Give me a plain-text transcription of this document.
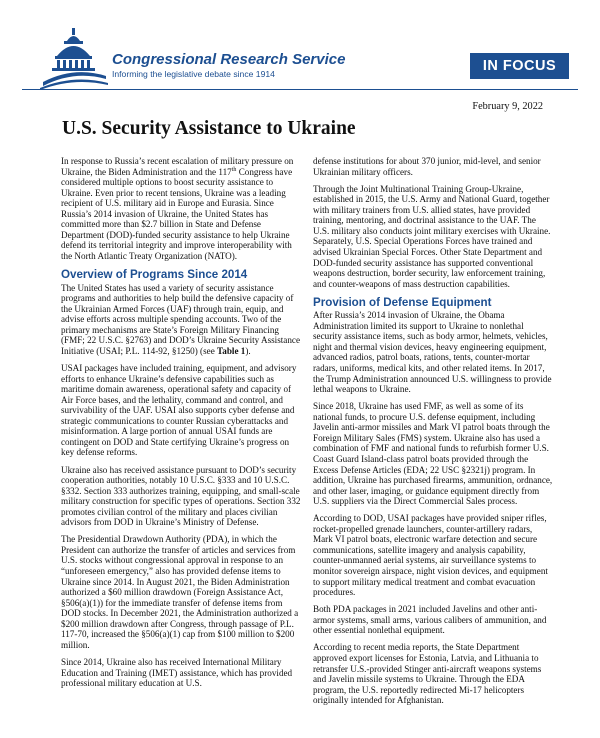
Congressional Research Service
Informing the legislative debate since 1914	IN FOCUS
February 9, 2022
U.S. Security Assistance to Ukraine

In response to Russia’s recent escalation of military pressure on Ukraine, the Biden Administration and the 117th Congress have considered multiple options to boost security assistance to Ukraine. Even prior to recent tensions, Ukraine was a leading recipient of U.S. military aid in Europe and Eurasia. Since Russia’s 2014 invasion of Ukraine, the United States has committed more than $2.7 billion in State and Defense Department (DOD)-funded security assistance to help Ukraine defend its territorial integrity and improve interoperability with the North Atlantic Treaty Organization (NATO).

Overview of Programs Since 2014

The United States has used a variety of security assistance programs and authorities to help build the defensive capacity of the Ukrainian Armed Forces (UAF) through train, equip, and advise efforts across multiple spending accounts. Two of the primary mechanisms are State’s Foreign Military Financing (FMF; 22 U.S.C. §2763) and DOD’s Ukraine Security Assistance Initiative (USAI; P.L. 114-92, §1250) (see Table 1).

USAI packages have included training, equipment, and advisory efforts to enhance Ukraine’s defensive capabilities such as maritime domain awareness, operational safety and capacity of Air Force bases, and the lethality, command and control, and survivability of the UAF. USAI also supports cyber defense and strategic communications to counter Russian cyberattacks and misinformation. A large portion of annual USAI funds are contingent on DOD and State certifying Ukraine’s progress on key defense reforms.

Ukraine also has received assistance pursuant to DOD’s security cooperation authorities, notably 10 U.S.C. §333 and 10 U.S.C. §332. Section 333 authorizes training, equipping, and small-scale military construction for specific types of operations. Section 332 promotes civilian control of the military and places civilian advisors from DOD in Ukraine’s Ministry of Defense.

The Presidential Drawdown Authority (PDA), in which the President can authorize the transfer of articles and services from U.S. stocks without congressional approval in response to an “unforeseen emergency,” also has provided defense items to Ukraine since 2014. In August 2021, the Biden Administration authorized a $60 million drawdown (Foreign Assistance Act, §506(a)(1)) for the immediate transfer of defense items from DOD stocks. In December 2021, the Administration authorized a $200 million drawdown after Congress, through passage of P.L. 117-70, increased the §506(a)(1) cap from $100 million to $200 million.

Since 2014, Ukraine also has received International Military Education and Training (IMET) assistance, which has provided professional military education at U.S.

defense institutions for about 370 junior, mid-level, and senior Ukrainian military officers.

Through the Joint Multinational Training Group-Ukraine, established in 2015, the U.S. Army and National Guard, together with military trainers from U.S. allied states, have provided training, mentoring, and doctrinal assistance to the UAF. The U.S. military also conducts joint military exercises with Ukraine. Separately, U.S. Special Operations Forces have trained and advised Ukrainian Special Forces. Other State Department and DOD-funded security assistance has supported conventional weapons destruction, border security, law enforcement training, and counter-weapons of mass destruction capabilities.

Provision of Defense Equipment

After Russia’s 2014 invasion of Ukraine, the Obama Administration limited its support to Ukraine to nonlethal security assistance items, such as body armor, helmets, vehicles, night and thermal vision devices, heavy engineering equipment, advanced radios, patrol boats, rations, tents, counter-mortar radars, uniforms, medical kits, and other related items. In 2017, the Trump Administration announced U.S. willingness to provide lethal weapons to Ukraine.

Since 2018, Ukraine has used FMF, as well as some of its national funds, to procure U.S. defense equipment, including Javelin anti-armor missiles and Mark VI patrol boats through the Foreign Military Sales (FMS) system. Ukraine also has used a combination of FMF and national funds to refurbish former U.S. Coast Guard Island-class patrol boats provided through the Excess Defense Articles (EDA; 22 USC §2321j) program. In addition, Ukraine has purchased firearms, ammunition, ordnance, and other laser, imaging, or guidance equipment directly from U.S. suppliers via the Direct Commercial Sales process.

According to DOD, USAI packages have provided sniper rifles, rocket-propelled grenade launchers, counter-artillery radars, Mark VI patrol boats, electronic warfare detection and secure communications, satellite imagery and analysis capability, counter-unmanned aerial systems, air surveillance systems to monitor sovereign airspace, night vision devices, and equipment to support military medical treatment and combat evacuation procedures.

Both PDA packages in 2021 included Javelins and other anti-armor systems, small arms, various calibers of ammunition, and other essential nonlethal equipment.

According to recent media reports, the State Department approved export licenses for Estonia, Latvia, and Lithuania to retransfer U.S.-provided Stinger anti-aircraft weapons systems and Javelin missile systems to Ukraine. Through the EDA program, the U.S. reportedly redirected Mi-17 helicopters originally intended for Afghanistan.
